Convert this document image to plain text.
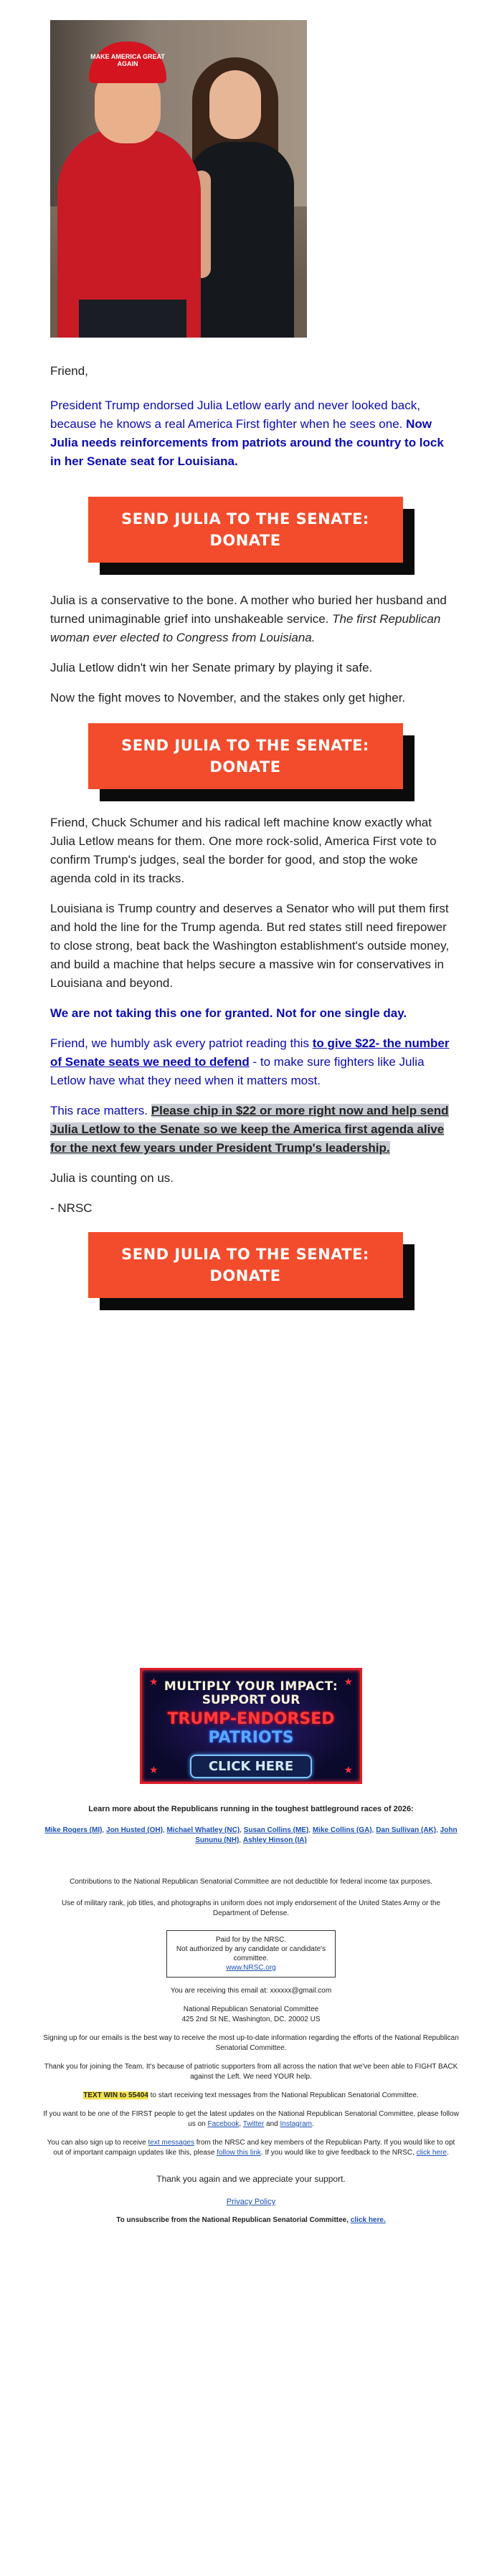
MAKE AMERICA GREAT AGAIN

Friend,

President Trump endorsed Julia Letlow early and never looked back, because he knows a real America First fighter when he sees one. Now Julia needs reinforcements from patriots around the country to lock in her Senate seat for Louisiana.

SEND JULIA TO THE SENATE:
DONATE

Julia is a conservative to the bone. A mother who buried her husband and turned unimaginable grief into unshakeable service. The first Republican woman ever elected to Congress from Louisiana.

Julia Letlow didn't win her Senate primary by playing it safe.

Now the fight moves to November, and the stakes only get higher.

SEND JULIA TO THE SENATE:
DONATE

Friend, Chuck Schumer and his radical left machine know exactly what Julia Letlow means for them. One more rock-solid, America First vote to confirm Trump's judges, seal the border for good, and stop the woke agenda cold in its tracks.

Louisiana is Trump country and deserves a Senator who will put them first and hold the line for the Trump agenda. But red states still need firepower to close strong, beat back the Washington establishment's outside money, and build a machine that helps secure a massive win for conservatives in Louisiana and beyond.

We are not taking this one for granted. Not for one single day.

Friend, we humbly ask every patriot reading this to give $22- the number of Senate seats we need to defend - to make sure fighters like Julia Letlow have what they need when it matters most.

This race matters. Please chip in $22 or more right now and help send Julia Letlow to the Senate so we keep the America first agenda alive for the next few years under President Trump's leadership.

Julia is counting on us.

- NRSC

SEND JULIA TO THE SENATE:
DONATE
★	★
★	★
MULTIPLY YOUR IMPACT:
SUPPORT OUR
TRUMP-ENDORSED PATRIOTS
CLICK HERE

Learn more about the Republicans running in the toughest battleground races of 2026:

Mike Rogers (MI), Jon Husted (OH), Michael Whatley (NC), Susan Collins (ME), Mike Collins (GA), Dan Sullivan (AK), John Sununu (NH), Ashley Hinson (IA)

Contributions to the National Republican Senatorial Committee are not deductible for federal income tax purposes.

Use of military rank, job titles, and photographs in uniform does not imply endorsement of the United States Army or the Department of Defense.

Paid for by the NRSC.
Not authorized by any candidate or candidate's committee.
www.NRSC.org

You are receiving this email at: xxxxxx@gmail.com

National Republican Senatorial Committee

425 2nd St NE, Washington, DC. 20002 US

Signing up for our emails is the best way to receive the most up-to-date information regarding the efforts of the National Republican Senatorial Committee.

Thank you for joining the Team. It's because of patriotic supporters from all across the nation that we've been able to FIGHT BACK against the Left. We need YOUR help.

TEXT WIN to 55404 to start receiving text messages from the National Republican Senatorial Committee.

If you want to be one of the FIRST people to get the latest updates on the National Republican Senatorial Committee, please follow us on Facebook, Twitter and Instagram.

You can also sign up to receive text messages from the NRSC and key members of the Republican Party. If you would like to opt out of important campaign updates like this, please follow this link. If you would like to give feedback to the NRSC, click here.

Thank you again and we appreciate your support.

Privacy Policy

To unsubscribe from the National Republican Senatorial Committee, click here.
